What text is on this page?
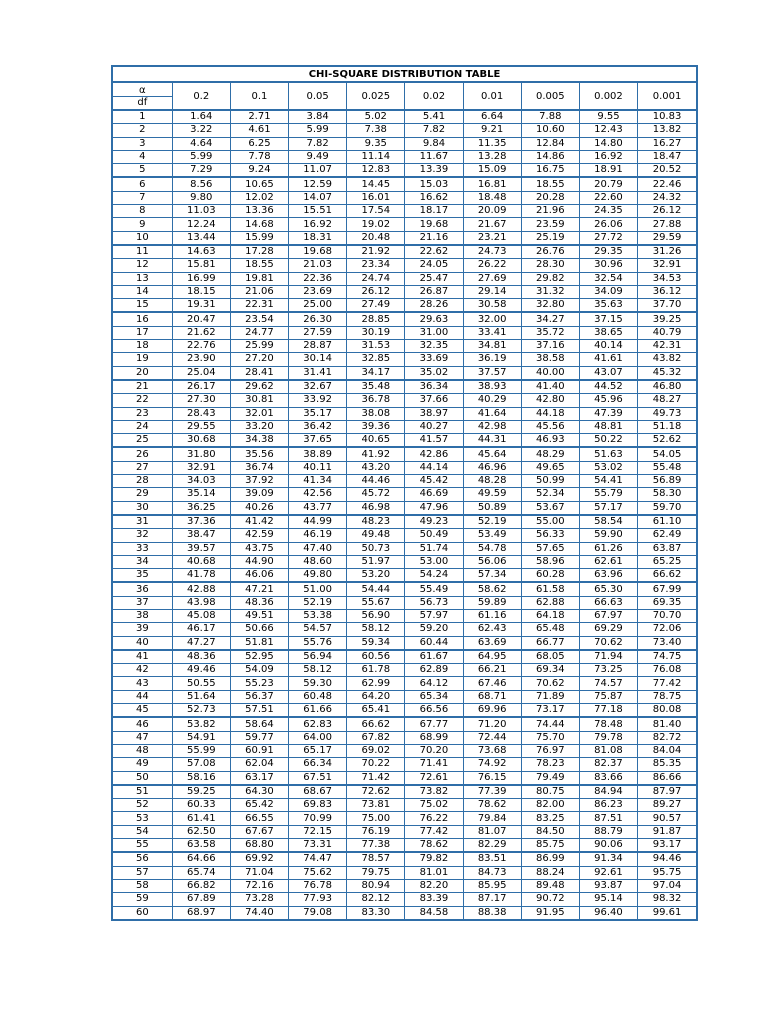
CHI-SQUARE DISTRIBUTION TABLE									

α
df	0.2	0.1	0.05	0.025	0.02	0.01	0.005	0.002	0.001
1	1.64	2.71	3.84	5.02	5.41	6.64	7.88	9.55	10.83
2	3.22	4.61	5.99	7.38	7.82	9.21	10.60	12.43	13.82
3	4.64	6.25	7.82	9.35	9.84	11.35	12.84	14.80	16.27
4	5.99	7.78	9.49	11.14	11.67	13.28	14.86	16.92	18.47
5	7.29	9.24	11.07	12.83	13.39	15.09	16.75	18.91	20.52
6	8.56	10.65	12.59	14.45	15.03	16.81	18.55	20.79	22.46
7	9.80	12.02	14.07	16.01	16.62	18.48	20.28	22.60	24.32
8	11.03	13.36	15.51	17.54	18.17	20.09	21.96	24.35	26.12
9	12.24	14.68	16.92	19.02	19.68	21.67	23.59	26.06	27.88
10	13.44	15.99	18.31	20.48	21.16	23.21	25.19	27.72	29.59
11	14.63	17.28	19.68	21.92	22.62	24.73	26.76	29.35	31.26
12	15.81	18.55	21.03	23.34	24.05	26.22	28.30	30.96	32.91
13	16.99	19.81	22.36	24.74	25.47	27.69	29.82	32.54	34.53
14	18.15	21.06	23.69	26.12	26.87	29.14	31.32	34.09	36.12
15	19.31	22.31	25.00	27.49	28.26	30.58	32.80	35.63	37.70
16	20.47	23.54	26.30	28.85	29.63	32.00	34.27	37.15	39.25
17	21.62	24.77	27.59	30.19	31.00	33.41	35.72	38.65	40.79
18	22.76	25.99	28.87	31.53	32.35	34.81	37.16	40.14	42.31
19	23.90	27.20	30.14	32.85	33.69	36.19	38.58	41.61	43.82
20	25.04	28.41	31.41	34.17	35.02	37.57	40.00	43.07	45.32
21	26.17	29.62	32.67	35.48	36.34	38.93	41.40	44.52	46.80
22	27.30	30.81	33.92	36.78	37.66	40.29	42.80	45.96	48.27
23	28.43	32.01	35.17	38.08	38.97	41.64	44.18	47.39	49.73
24	29.55	33.20	36.42	39.36	40.27	42.98	45.56	48.81	51.18
25	30.68	34.38	37.65	40.65	41.57	44.31	46.93	50.22	52.62
26	31.80	35.56	38.89	41.92	42.86	45.64	48.29	51.63	54.05
27	32.91	36.74	40.11	43.20	44.14	46.96	49.65	53.02	55.48
28	34.03	37.92	41.34	44.46	45.42	48.28	50.99	54.41	56.89
29	35.14	39.09	42.56	45.72	46.69	49.59	52.34	55.79	58.30
30	36.25	40.26	43.77	46.98	47.96	50.89	53.67	57.17	59.70
31	37.36	41.42	44.99	48.23	49.23	52.19	55.00	58.54	61.10
32	38.47	42.59	46.19	49.48	50.49	53.49	56.33	59.90	62.49
33	39.57	43.75	47.40	50.73	51.74	54.78	57.65	61.26	63.87
34	40.68	44.90	48.60	51.97	53.00	56.06	58.96	62.61	65.25
35	41.78	46.06	49.80	53.20	54.24	57.34	60.28	63.96	66.62
36	42.88	47.21	51.00	54.44	55.49	58.62	61.58	65.30	67.99
37	43.98	48.36	52.19	55.67	56.73	59.89	62.88	66.63	69.35
38	45.08	49.51	53.38	56.90	57.97	61.16	64.18	67.97	70.70
39	46.17	50.66	54.57	58.12	59.20	62.43	65.48	69.29	72.06
40	47.27	51.81	55.76	59.34	60.44	63.69	66.77	70.62	73.40
41	48.36	52.95	56.94	60.56	61.67	64.95	68.05	71.94	74.75
42	49.46	54.09	58.12	61.78	62.89	66.21	69.34	73.25	76.08
43	50.55	55.23	59.30	62.99	64.12	67.46	70.62	74.57	77.42
44	51.64	56.37	60.48	64.20	65.34	68.71	71.89	75.87	78.75
45	52.73	57.51	61.66	65.41	66.56	69.96	73.17	77.18	80.08
46	53.82	58.64	62.83	66.62	67.77	71.20	74.44	78.48	81.40
47	54.91	59.77	64.00	67.82	68.99	72.44	75.70	79.78	82.72
48	55.99	60.91	65.17	69.02	70.20	73.68	76.97	81.08	84.04
49	57.08	62.04	66.34	70.22	71.41	74.92	78.23	82.37	85.35
50	58.16	63.17	67.51	71.42	72.61	76.15	79.49	83.66	86.66
51	59.25	64.30	68.67	72.62	73.82	77.39	80.75	84.94	87.97
52	60.33	65.42	69.83	73.81	75.02	78.62	82.00	86.23	89.27
53	61.41	66.55	70.99	75.00	76.22	79.84	83.25	87.51	90.57
54	62.50	67.67	72.15	76.19	77.42	81.07	84.50	88.79	91.87
55	63.58	68.80	73.31	77.38	78.62	82.29	85.75	90.06	93.17
56	64.66	69.92	74.47	78.57	79.82	83.51	86.99	91.34	94.46
57	65.74	71.04	75.62	79.75	81.01	84.73	88.24	92.61	95.75
58	66.82	72.16	76.78	80.94	82.20	85.95	89.48	93.87	97.04
59	67.89	73.28	77.93	82.12	83.39	87.17	90.72	95.14	98.32
60	68.97	74.40	79.08	83.30	84.58	88.38	91.95	96.40	99.61
